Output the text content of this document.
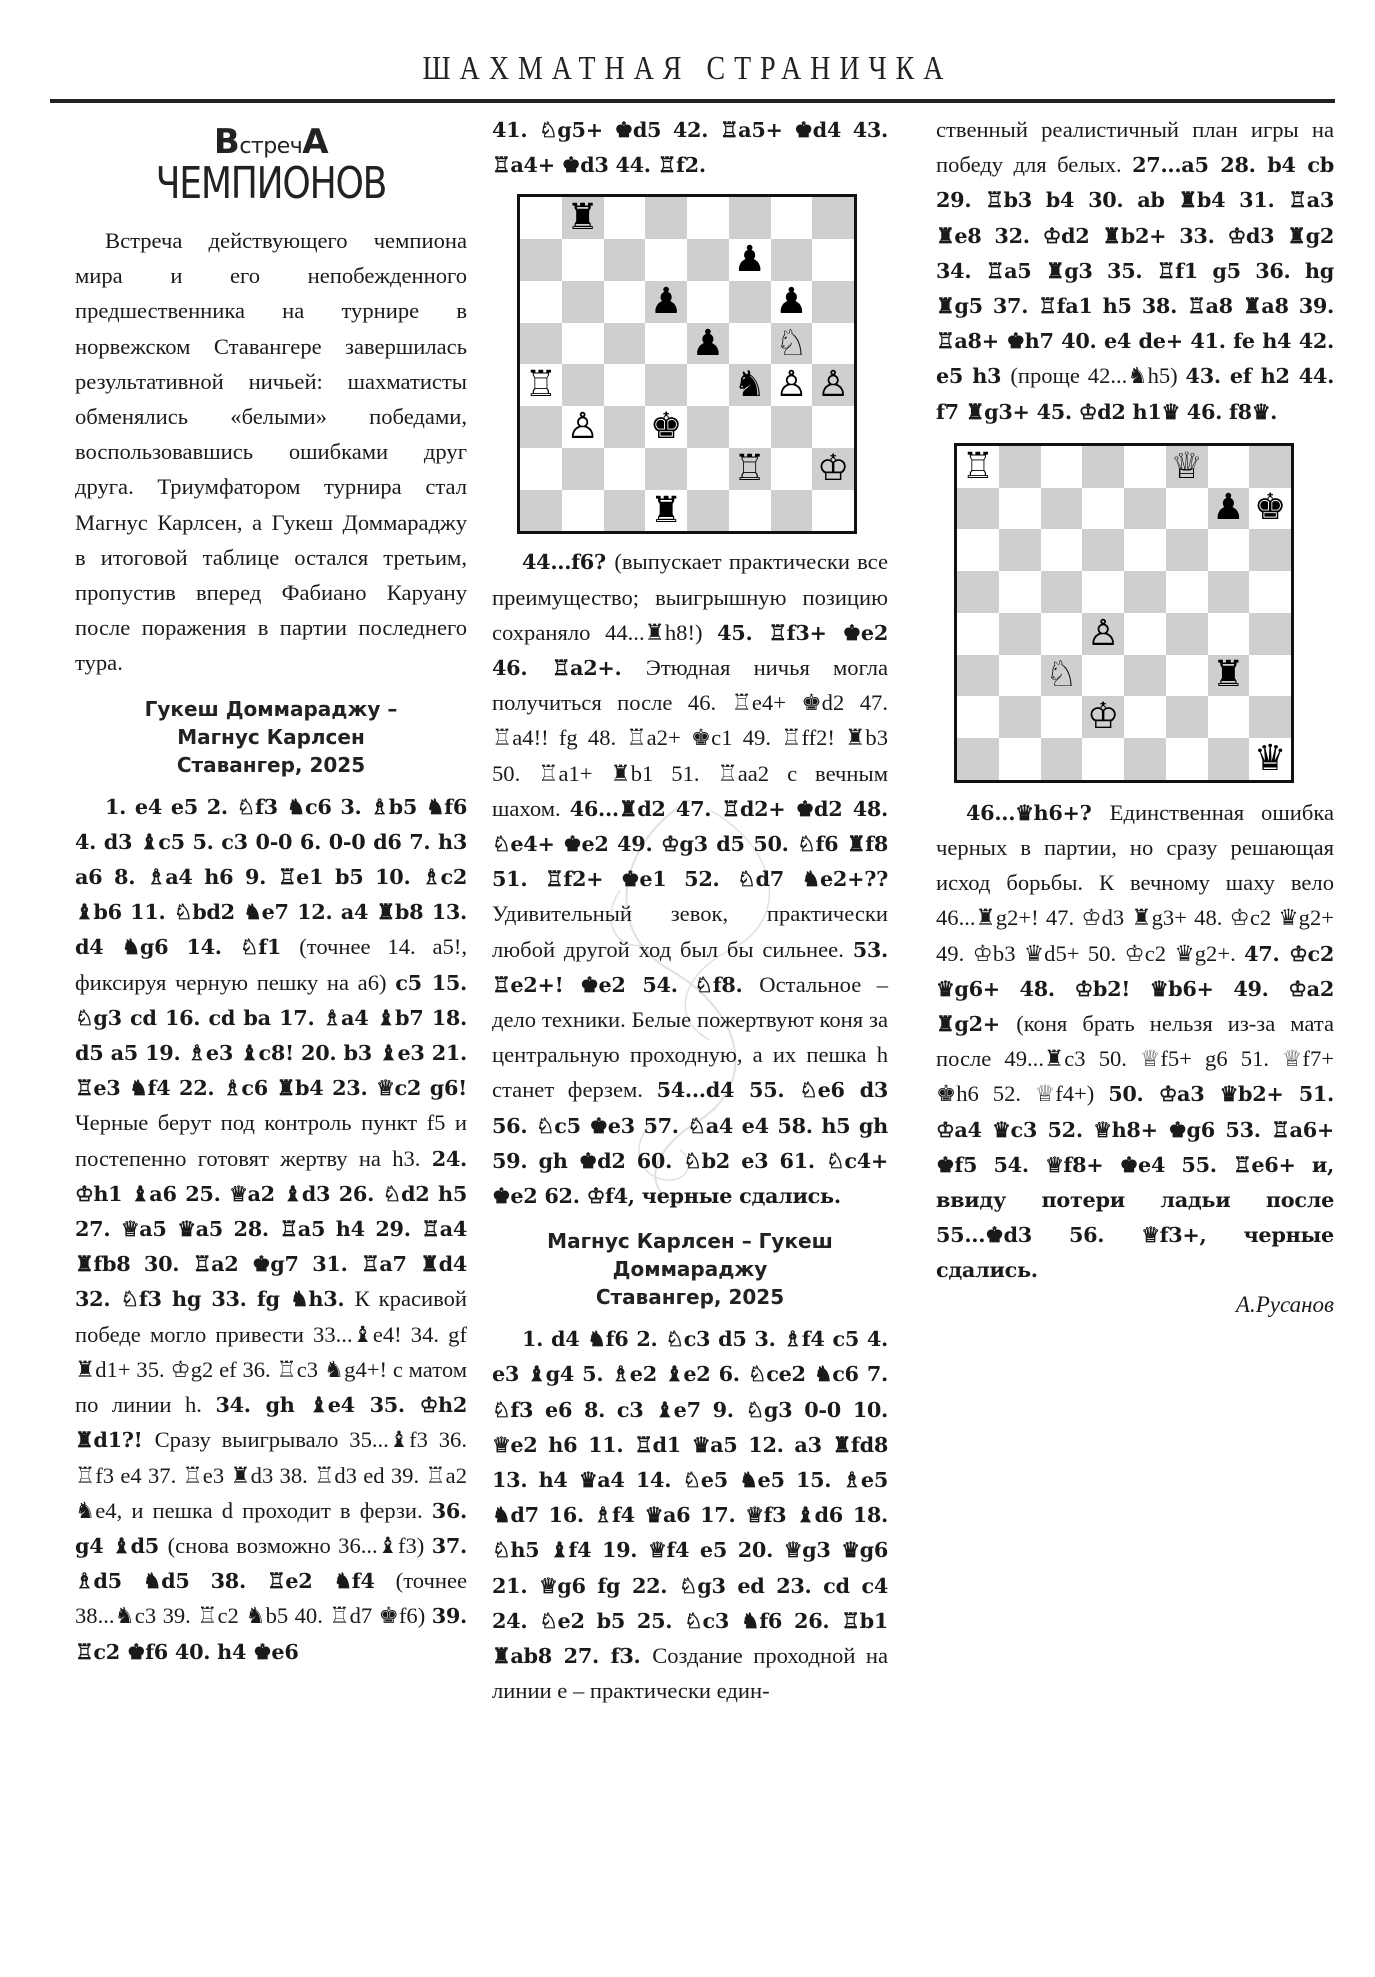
ШАХМАТНАЯ СТРАНИЧКА
ВстречА
ЧЕМПИОНОВ

Встреча действующего чемпиона мира и его непобежденного предшественника на турнире в норвежском Ставангере завершилась результативной ничьей: шахматисты обменялись «белыми» победами, воспользовавшись ошибками друг друга. Триумфатором турнира стал Магнус Карлсен, а Гукеш Доммараджу в итоговой таблице остался третьим, пропустив вперед Фабиано Каруану после поражения в партии последнего тура.

Гукеш Доммараджу –
Магнус Карлсен
Ставангер, 2025

1. e4 e5 2. ♘f3 ♞c6 3. ♗b5 ♞f6 4. d3 ♝c5 5. c3 0-0 6. 0-0 d6 7. h3 a6 8. ♗a4 h6 9. ♖e1 b5 10. ♗c2 ♝b6 11. ♘bd2 ♞e7 12. a4 ♜b8 13. d4 ♞g6 14. ♘f1 (точнее 14. a5!, фиксируя черную пешку на a6) c5 15. ♘g3 cd 16. cd ba 17. ♗a4 ♝b7 18. d5 a5 19. ♗e3 ♝c8! 20. b3 ♝e3 21. ♖e3 ♞f4 22. ♗c6 ♜b4 23. ♕c2 g6! Черные берут под контроль пункт f5 и постепенно готовят жертву на h3. 24. ♔h1 ♝a6 25. ♕a2 ♝d3 26. ♘d2 h5 27. ♕a5 ♛a5 28. ♖a5 h4 29. ♖a4 ♜fb8 30. ♖a2 ♚g7 31. ♖a7 ♜d4 32. ♘f3 hg 33. fg ♞h3. К красивой победе могло привести 33...♝e4! 34. gf ♜d1+ 35. ♔g2 ef 36. ♖c3 ♞g4+! с матом по линии h. 34. gh ♝e4 35. ♔h2 ♜d1?! Сразу выигрывало 35...♝f3 36. ♖f3 e4 37. ♖e3 ♜d3 38. ♖d3 ed 39. ♖a2 ♞e4, и пешка d проходит в ферзи. 36. g4 ♝d5 (снова возможно 36...♝f3) 37. ♗d5 ♞d5 38. ♖e2 ♞f4 (точнее 38...♞c3 39. ♖c2 ♞b5 40. ♖d7 ♚f6) 39. ♖c2 ♚f6 40. h4 ♚e6

41. ♘g5+ ♚d5 42. ♖a5+ ♚d4 43. ♖a4+ ♚d3 44. ♖f2.

♜
♟
♟	♟
♟ ♘
♖	♞ ♙ ♙
♙ ♚
♖ ♔
♜

44...f6? (выпускает практически все преимущество; выигрышную позицию сохраняло 44...♜h8!) 45. ♖f3+ ♚e2 46. ♖a2+. Этюдная ничья могла получиться после 46. ♖e4+ ♚d2 47. ♖a4!! fg 48. ♖a2+ ♚c1 49. ♖ff2! ♜b3 50. ♖a1+ ♜b1 51. ♖aa2 с вечным шахом. 46...♜d2 47. ♖d2+ ♚d2 48. ♘e4+ ♚e2 49. ♔g3 d5 50. ♘f6 ♜f8 51. ♖f2+ ♚e1 52. ♘d7 ♞e2+?? Удивительный зевок, практически любой другой ход был бы сильнее. 53. ♖e2+! ♚e2 54. ♘f8. Остальное – дело техники. Белые пожертвуют коня за центральную проходную, а их пешка h станет ферзем. 54...d4 55. ♘e6 d3 56. ♘c5 ♚e3 57. ♘a4 e4 58. h5 gh 59. gh ♚d2 60. ♘b2 e3 61. ♘c4+ ♚e2 62. ♔f4, черные сдались.

Магнус Карлсен – Гукеш
Доммараджу
Ставангер, 2025

1. d4 ♞f6 2. ♘c3 d5 3. ♗f4 c5 4. e3 ♝g4 5. ♗e2 ♝e2 6. ♘ce2 ♞c6 7. ♘f3 e6 8. c3 ♝e7 9. ♘g3 0-0 10. ♕e2 h6 11. ♖d1 ♛a5 12. a3 ♜fd8 13. h4 ♛a4 14. ♘e5 ♞e5 15. ♗e5 ♞d7 16. ♗f4 ♛a6 17. ♕f3 ♝d6 18. ♘h5 ♝f4 19. ♕f4 e5 20. ♕g3 ♛g6 21. ♕g6 fg 22. ♘g3 ed 23. cd c4 24. ♘e2 b5 25. ♘c3 ♞f6 26. ♖b1 ♜ab8 27. f3. Создание проходной на линии e – практически един-

ственный реалистичный план игры на победу для белых. 27...a5 28. b4 cb 29. ♖b3 b4 30. ab ♜b4 31. ♖a3 ♜e8 32. ♔d2 ♜b2+ 33. ♔d3 ♜g2 34. ♖a5 ♜g3 35. ♖f1 g5 36. hg ♜g5 37. ♖fa1 h5 38. ♖a8 ♜a8 39. ♖a8+ ♚h7 40. e4 de+ 41. fe h4 42. e5 h3 (проще 42...♞h5) 43. ef h2 44. f7 ♜g3+ 45. ♔d2 h1♛ 46. f8♛.

♖	♕
♟ ♚
♙
♘	♜
♔
♛

46...♛h6+? Единственная ошибка черных в партии, но сразу решающая исход борьбы. К вечному шаху вело 46...♜g2+! 47. ♔d3 ♜g3+ 48. ♔c2 ♛g2+ 49. ♔b3 ♛d5+ 50. ♔c2 ♛g2+. 47. ♔c2 ♛g6+ 48. ♔b2! ♛b6+ 49. ♔a2 ♜g2+ (коня брать нельзя из-за мата после 49...♜c3 50. ♕f5+ g6 51. ♕f7+ ♚h6 52. ♕f4+) 50. ♔a3 ♛b2+ 51. ♔a4 ♛c3 52. ♕h8+ ♚g6 53. ♖a6+ ♚f5 54. ♕f8+ ♚e4 55. ♖e6+ и, ввиду потери ладьи после 55...♚d3 56. ♕f3+, черные сдались.

А.Русанов
